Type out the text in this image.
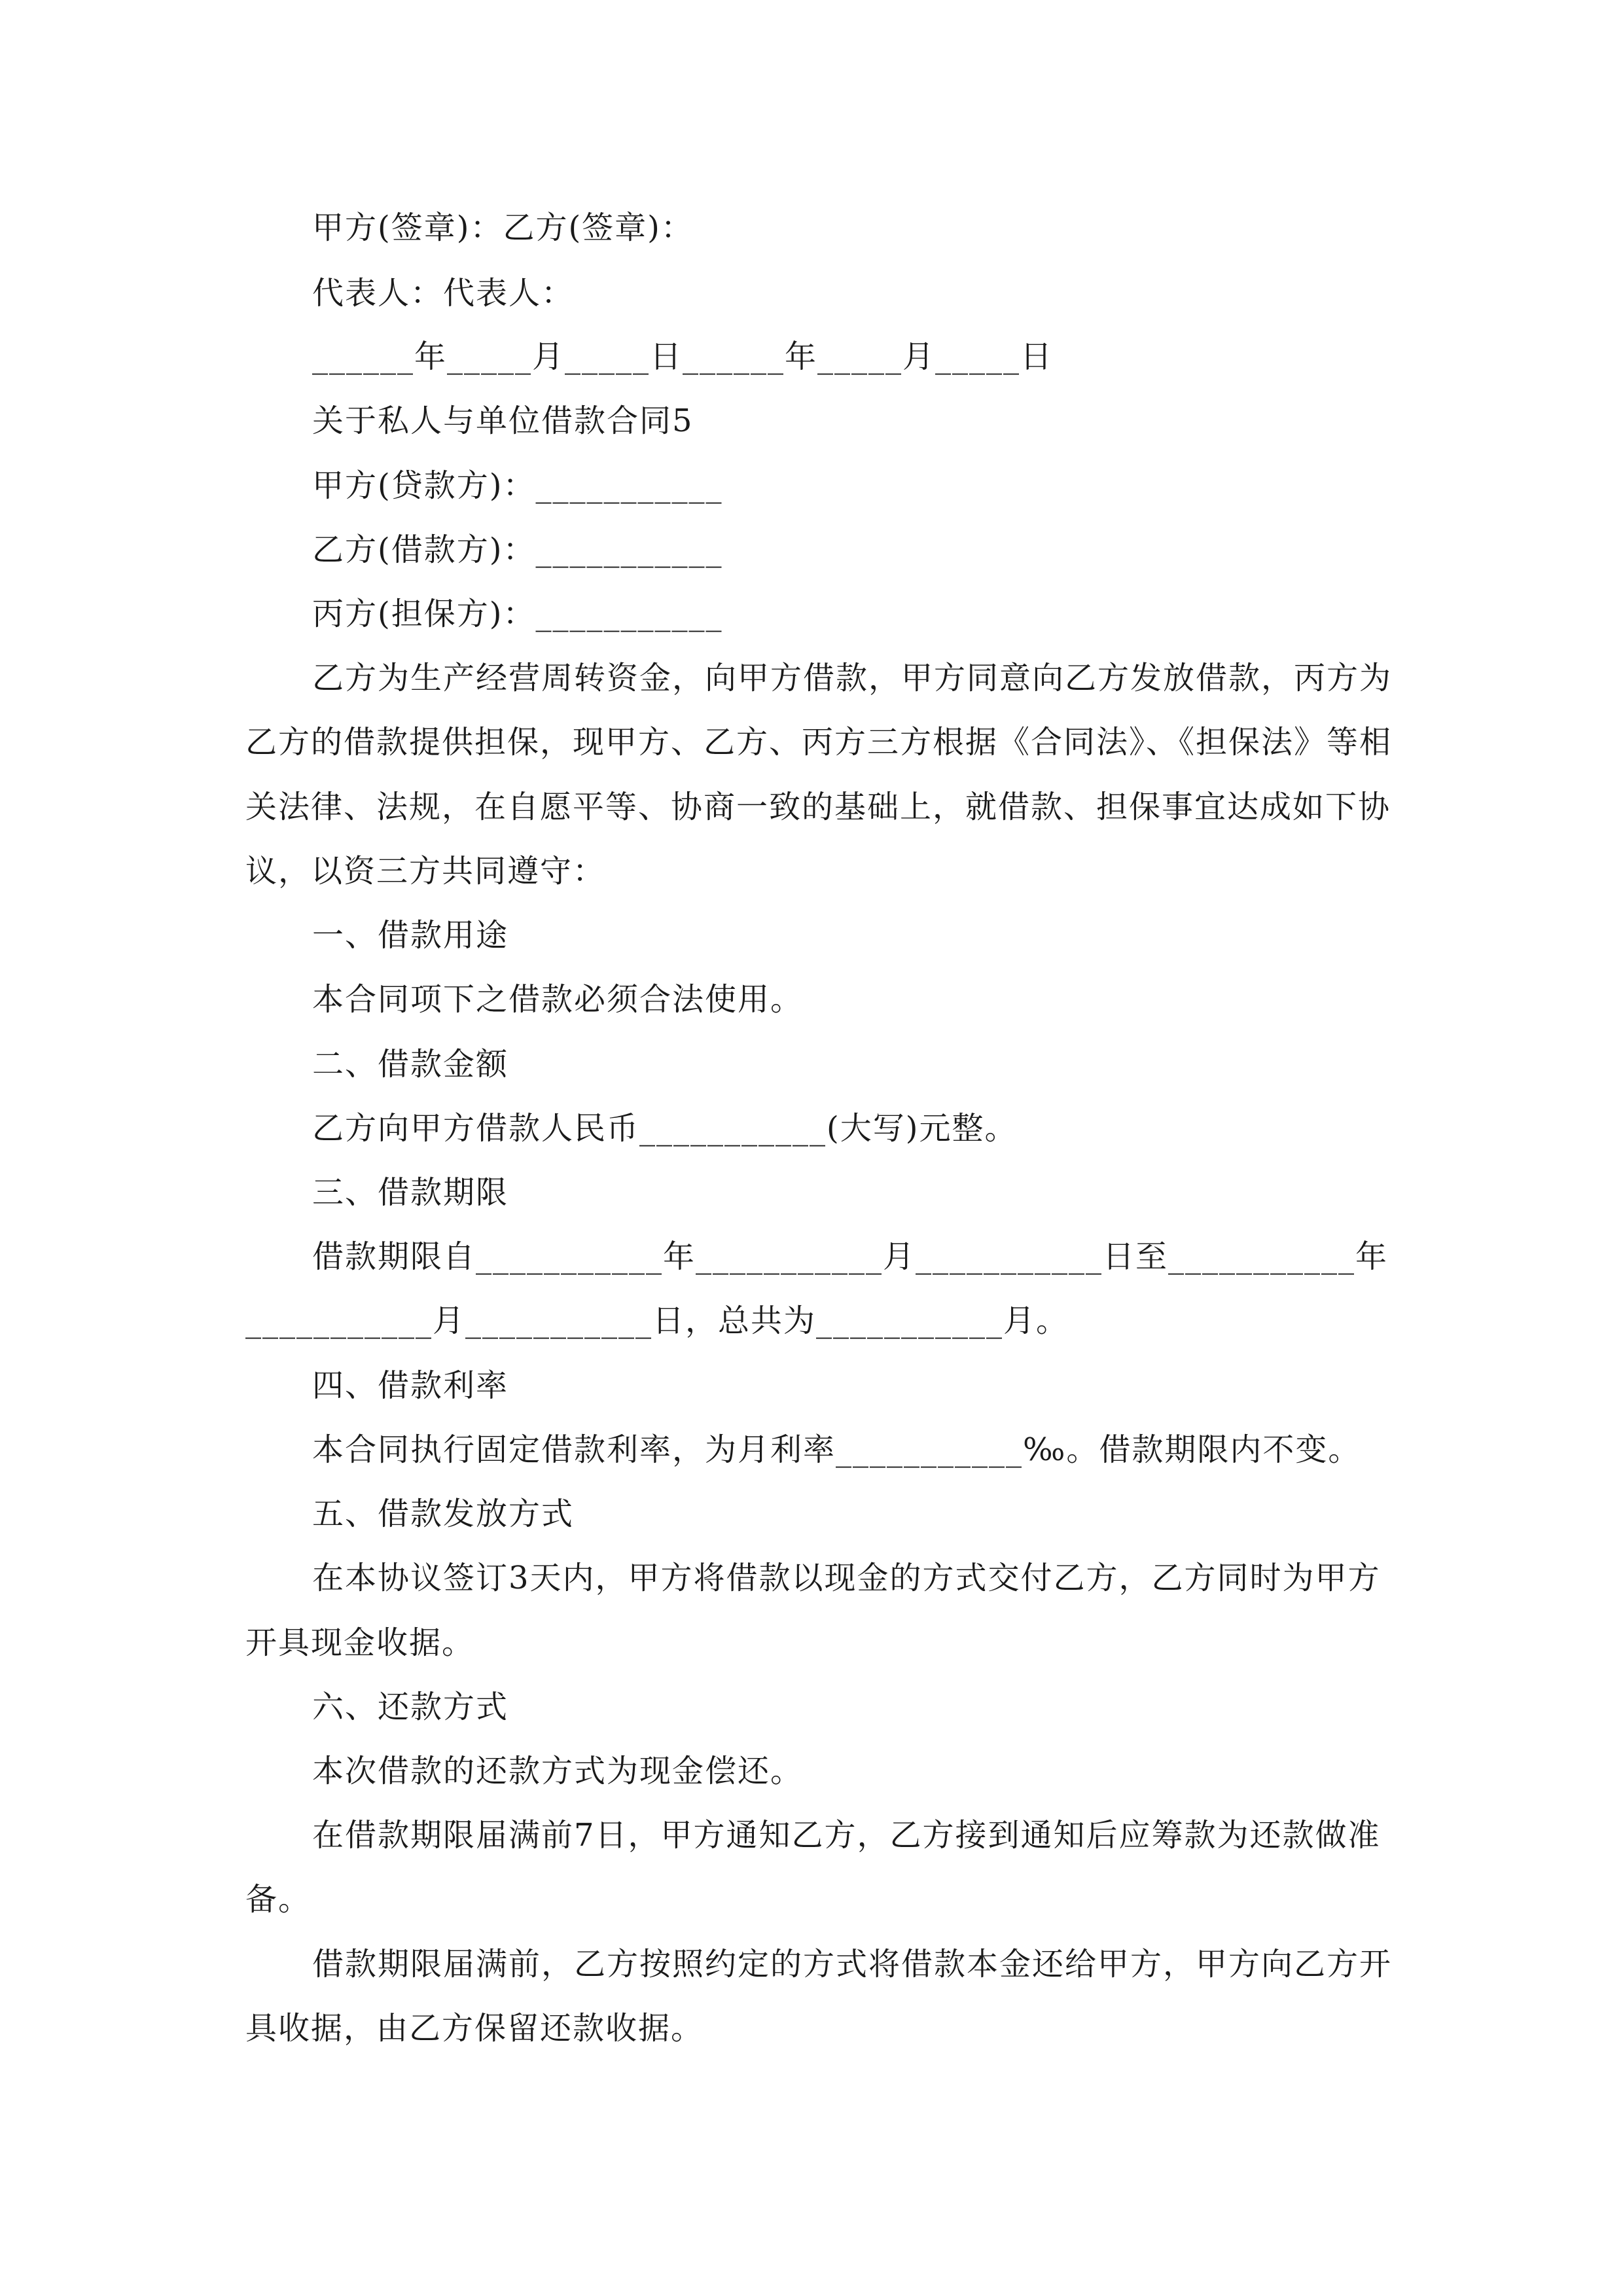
甲方(签章)：乙方(签章)：
代表人：代表人：
______年_____月_____日______年_____月_____日
关于私人与单位借款合同5
甲方(贷款方)：___________
乙方(借款方)：___________
丙方(担保方)：___________
乙方为生产经营周转资金，向甲方借款，甲方同意向乙方发放借款，丙方为
乙方的借款提供担保，现甲方、乙方、丙方三方根据《合同法》、《担保法》等相
关法律、法规，在自愿平等、协商一致的基础上，就借款、担保事宜达成如下协
议，以资三方共同遵守：
一、借款用途
本合同项下之借款必须合法使用。
二、借款金额
乙方向甲方借款人民币___________(大写)元整。
三、借款期限
借款期限自___________年___________月___________日至___________年
___________月___________日，总共为___________月。
四、借款利率
本合同执行固定借款利率，为月利率___________‰。借款期限内不变。
五、借款发放方式
在本协议签订3天内，甲方将借款以现金的方式交付乙方，乙方同时为甲方
开具现金收据。
六、还款方式
本次借款的还款方式为现金偿还。
在借款期限届满前7日，甲方通知乙方，乙方接到通知后应筹款为还款做准
备。
借款期限届满前，乙方按照约定的方式将借款本金还给甲方，甲方向乙方开
具收据，由乙方保留还款收据。
